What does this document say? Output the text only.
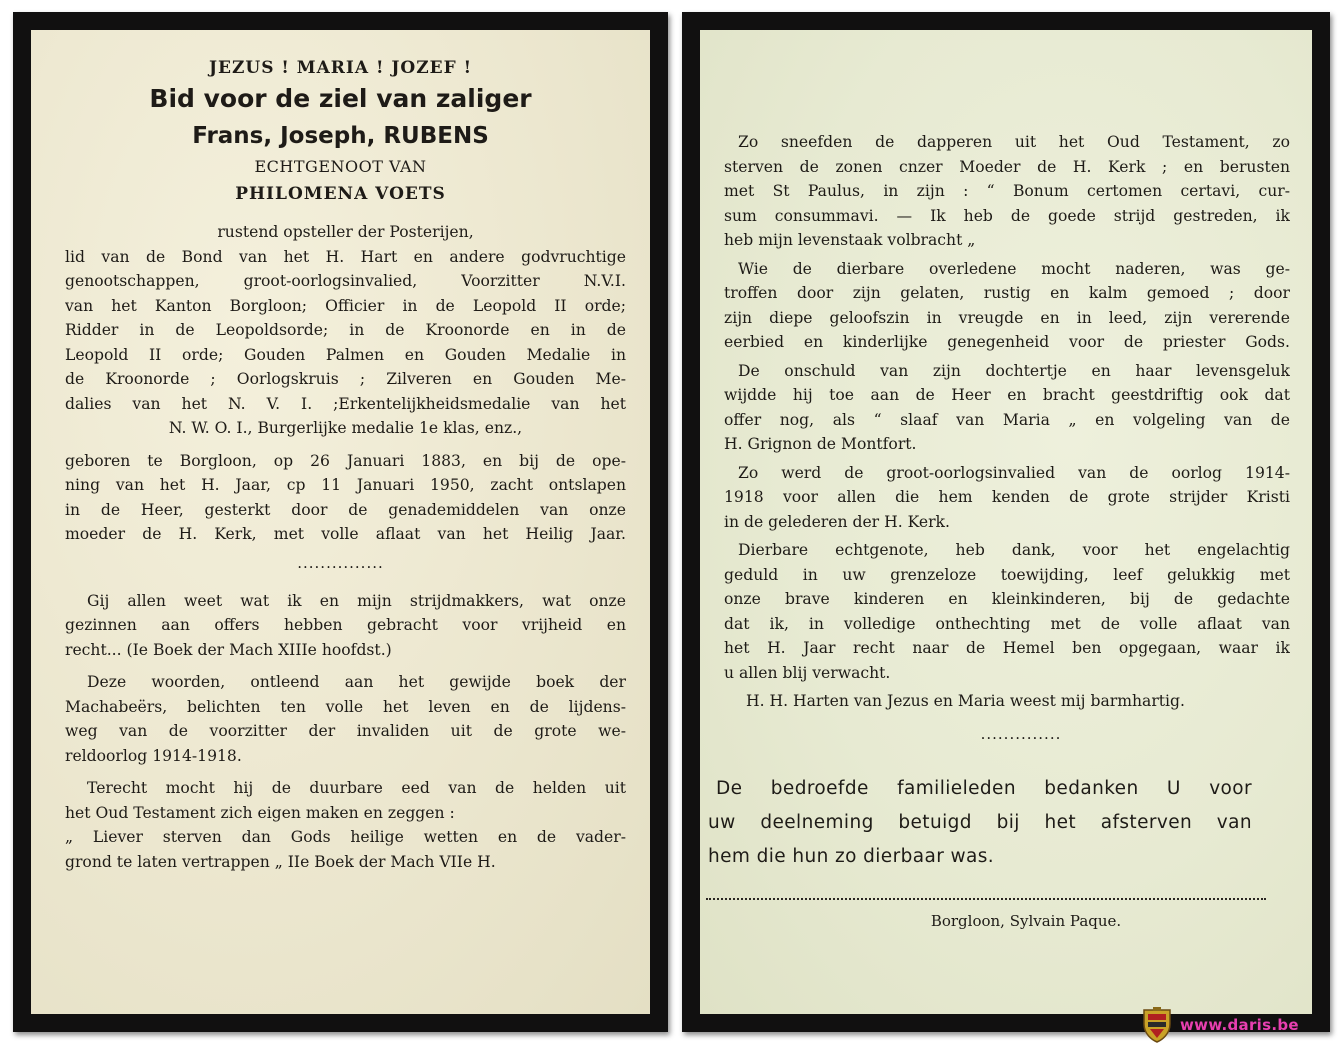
JEZUS ! MARIA ! JOZEF !

Bid voor de ziel van zaliger

Frans, Joseph, RUBENS

ECHTGENOOT VAN

PHILOMENA VOETS

rustend opsteller der Posterijen,
lid van de Bond van het H. Hart en andere godvruchtige
genootschappen, groot-oorlogsinvalied, Voorzitter N.V.I.
van het Kanton Borgloon; Officier in de Leopold II orde;
Ridder in de Leopoldsorde; in de Kroonorde en in de
Leopold II orde; Gouden Palmen en Gouden Medalie in
de Kroonorde ; Oorlogskruis ; Zilveren en Gouden Me-
dalies van het N. V. I. ;Erkentelijkheidsmedalie van het
N. W. O. I., Burgerlijke medalie 1e klas, enz.,
geboren te Borgloon, op 26 Januari 1883, en bij de ope-
ning van het H. Jaar, cp 11 Januari 1950, zacht ontslapen
in de Heer, gesterkt door de genademiddelen van onze
moeder de H. Kerk, met volle aflaat van het Heilig Jaar.
...............
Gij allen weet wat ik en mijn strijdmakkers, wat onze
gezinnen aan offers hebben gebracht voor vrijheid en
recht... (Ie Boek der Mach XIIIe hoofdst.)
Deze woorden, ontleend aan het gewijde boek der
Machabeërs, belichten ten volle het leven en de lijdens-
weg van de voorzitter der invaliden uit de grote we-
reldoorlog 1914-1918.
Terecht mocht hij de duurbare eed van de helden uit
het Oud Testament zich eigen maken en zeggen :
„ Liever sterven dan Gods heilige wetten en de vader-
grond te laten vertrappen „ IIe Boek der Mach VIIe H.
Zo sneefden de dapperen uit het Oud Testament, zo
sterven de zonen cnzer Moeder de H. Kerk ; en berusten
met St Paulus, in zijn : “ Bonum certomen certavi, cur-
sum consummavi. — Ik heb de goede strijd gestreden, ik
heb mijn levenstaak volbracht „
Wie de dierbare overledene mocht naderen, was ge-
troffen door zijn gelaten, rustig en kalm gemoed ; door
zijn diepe geloofszin in vreugde en in leed, zijn vererende
eerbied en kinderlijke genegenheid voor de priester Gods.
De onschuld van zijn dochtertje en haar levensgeluk
wijdde hij toe aan de Heer en bracht geestdriftig ook dat
offer nog, als “ slaaf van Maria „ en volgeling van de
H. Grignon de Montfort.
Zo werd de groot-oorlogsinvalied van de oorlog 1914-
1918 voor allen die hem kenden de grote strijder Kristi
in de gelederen der H. Kerk.
Dierbare echtgenote, heb dank, voor het engelachtig
geduld in uw grenzeloze toewijding, leef gelukkig met
onze brave kinderen en kleinkinderen, bij de gedachte
dat ik, in volledige onthechting met de volle aflaat van
het H. Jaar recht naar de Hemel ben opgegaan, waar ik
u allen blij verwacht.
H. H. Harten van Jezus en Maria weest mij barmhartig.
..............
De bedroefde familieleden bedanken U voor
uw deelneming betuigd bij het afsterven van
hem die hun zo dierbaar was.
Borgloon, Sylvain Paque.
www.daris.be
